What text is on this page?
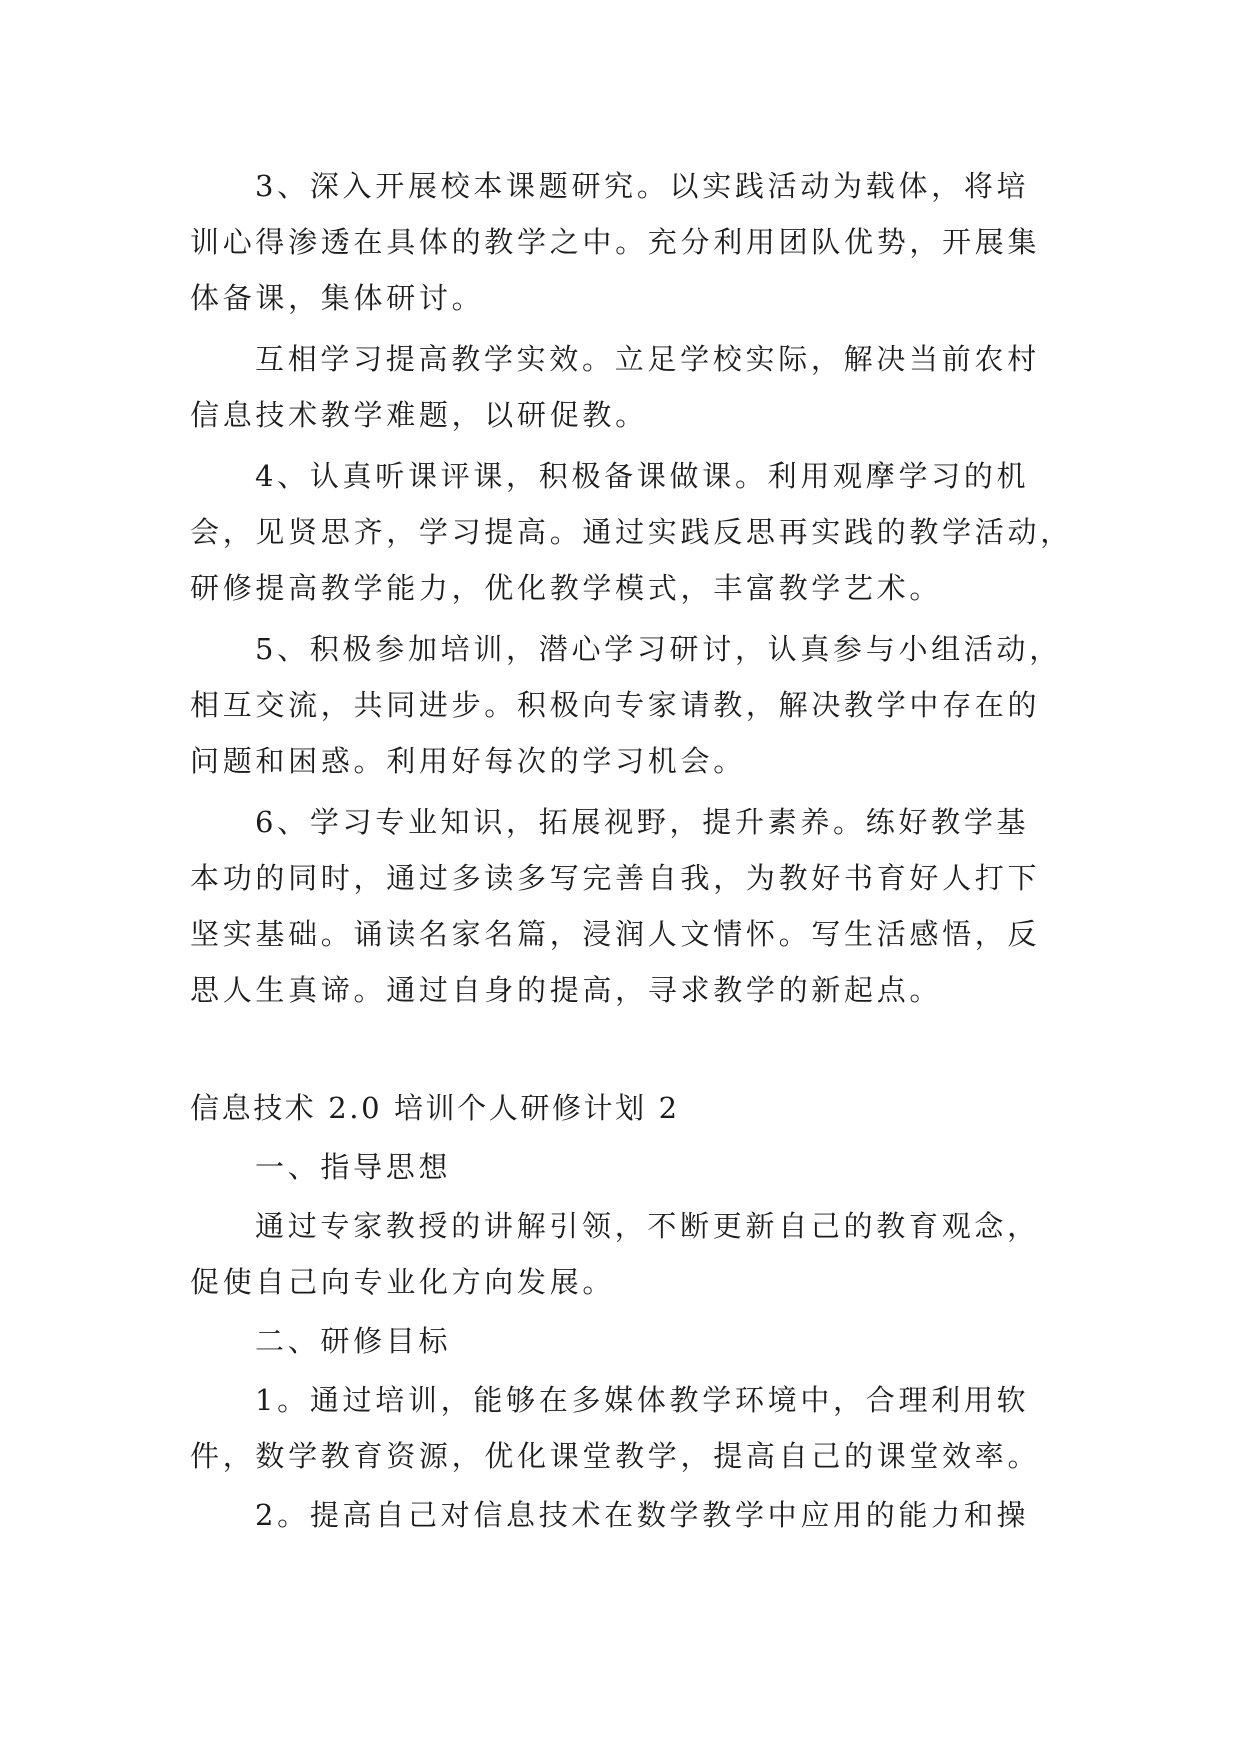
3、深入开展校本课题研究。以实践活动为载体，将培
训心得渗透在具体的教学之中。充分利用团队优势，开展集
体备课，集体研讨。
互相学习提高教学实效。立足学校实际，解决当前农村
信息技术教学难题，以研促教。
4、认真听课评课，积极备课做课。利用观摩学习的机
会，见贤思齐，学习提高。通过实践反思再实践的教学活动，
研修提高教学能力，优化教学模式，丰富教学艺术。
5、积极参加培训，潜心学习研讨，认真参与小组活动，
相互交流，共同进步。积极向专家请教，解决教学中存在的
问题和困惑。利用好每次的学习机会。
6、学习专业知识，拓展视野，提升素养。练好教学基
本功的同时，通过多读多写完善自我，为教好书育好人打下
坚实基础。诵读名家名篇，浸润人文情怀。写生活感悟，反
思人生真谛。通过自身的提高，寻求教学的新起点。
信息技术 2.0 培训个人研修计划 2
一、指导思想
通过专家教授的讲解引领，不断更新自己的教育观念，
促使自己向专业化方向发展。
二、研修目标
1。通过培训，能够在多媒体教学环境中，合理利用软
件，数学教育资源，优化课堂教学，提高自己的课堂效率。
2。提高自己对信息技术在数学教学中应用的能力和操
